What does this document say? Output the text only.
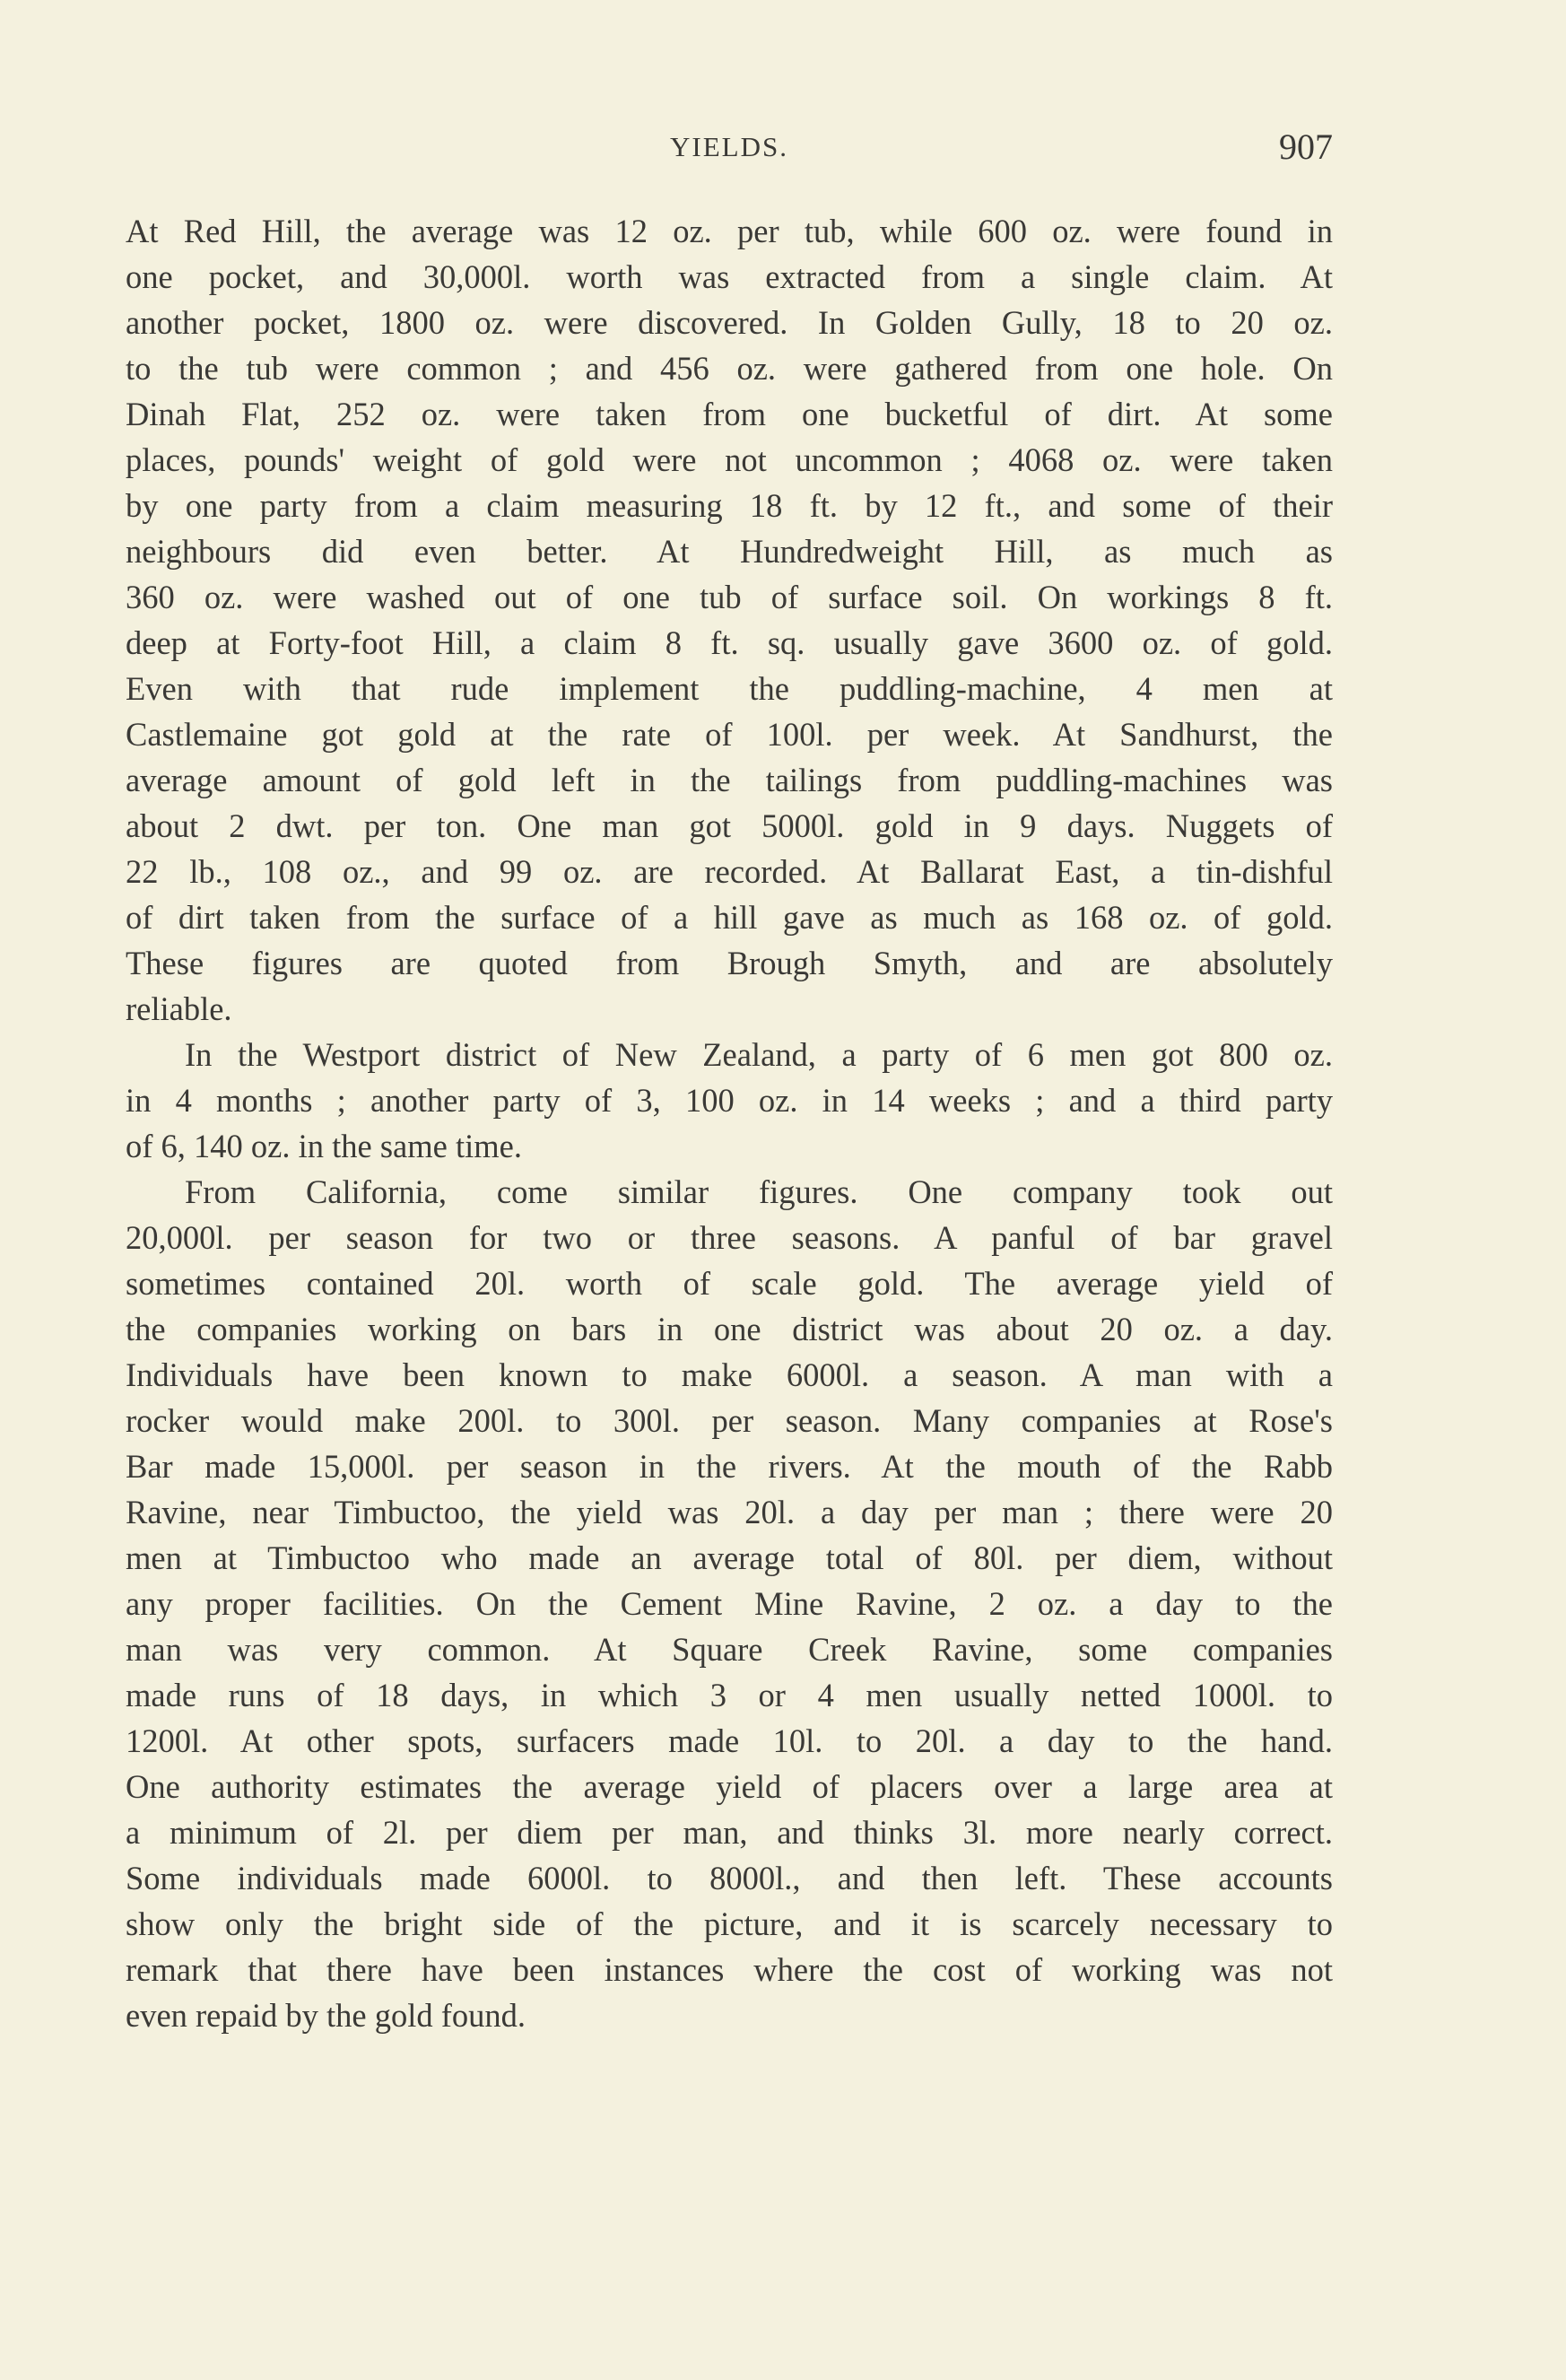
YIELDS.	907
At Red Hill, the average was 12 oz. per tub, while 600 oz. were found in
one pocket, and 30,000l. worth was extracted from a single claim. At
another pocket, 1800 oz. were discovered. In Golden Gully, 18 to 20 oz.
to the tub were common ; and 456 oz. were gathered from one hole. On
Dinah Flat, 252 oz. were taken from one bucketful of dirt. At some
places, pounds' weight of gold were not uncommon ; 4068 oz. were taken
by one party from a claim measuring 18 ft. by 12 ft., and some of their
neighbours did even better. At Hundredweight Hill, as much as
360 oz. were washed out of one tub of surface soil. On workings 8 ft.
deep at Forty-foot Hill, a claim 8 ft. sq. usually gave 3600 oz. of gold.
Even with that rude implement the puddling-machine, 4 men at
Castlemaine got gold at the rate of 100l. per week. At Sandhurst, the
average amount of gold left in the tailings from puddling-machines was
about 2 dwt. per ton. One man got 5000l. gold in 9 days. Nuggets of
22 lb., 108 oz., and 99 oz. are recorded. At Ballarat East, a tin-dishful
of dirt taken from the surface of a hill gave as much as 168 oz. of gold.
These figures are quoted from Brough Smyth, and are absolutely
reliable.
In the Westport district of New Zealand, a party of 6 men got 800 oz.
in 4 months ; another party of 3, 100 oz. in 14 weeks ; and a third party
of 6, 140 oz. in the same time.
From California, come similar figures. One company took out
20,000l. per season for two or three seasons. A panful of bar gravel
sometimes contained 20l. worth of scale gold. The average yield of
the companies working on bars in one district was about 20 oz. a day.
Individuals have been known to make 6000l. a season. A man with a
rocker would make 200l. to 300l. per season. Many companies at Rose's
Bar made 15,000l. per season in the rivers. At the mouth of the Rabb
Ravine, near Timbuctoo, the yield was 20l. a day per man ; there were 20
men at Timbuctoo who made an average total of 80l. per diem, without
any proper facilities. On the Cement Mine Ravine, 2 oz. a day to the
man was very common. At Square Creek Ravine, some companies
made runs of 18 days, in which 3 or 4 men usually netted 1000l. to
1200l. At other spots, surfacers made 10l. to 20l. a day to the hand.
One authority estimates the average yield of placers over a large area at
a minimum of 2l. per diem per man, and thinks 3l. more nearly correct.
Some individuals made 6000l. to 8000l., and then left. These accounts
show only the bright side of the picture, and it is scarcely necessary to
remark that there have been instances where the cost of working was not
even repaid by the gold found.
